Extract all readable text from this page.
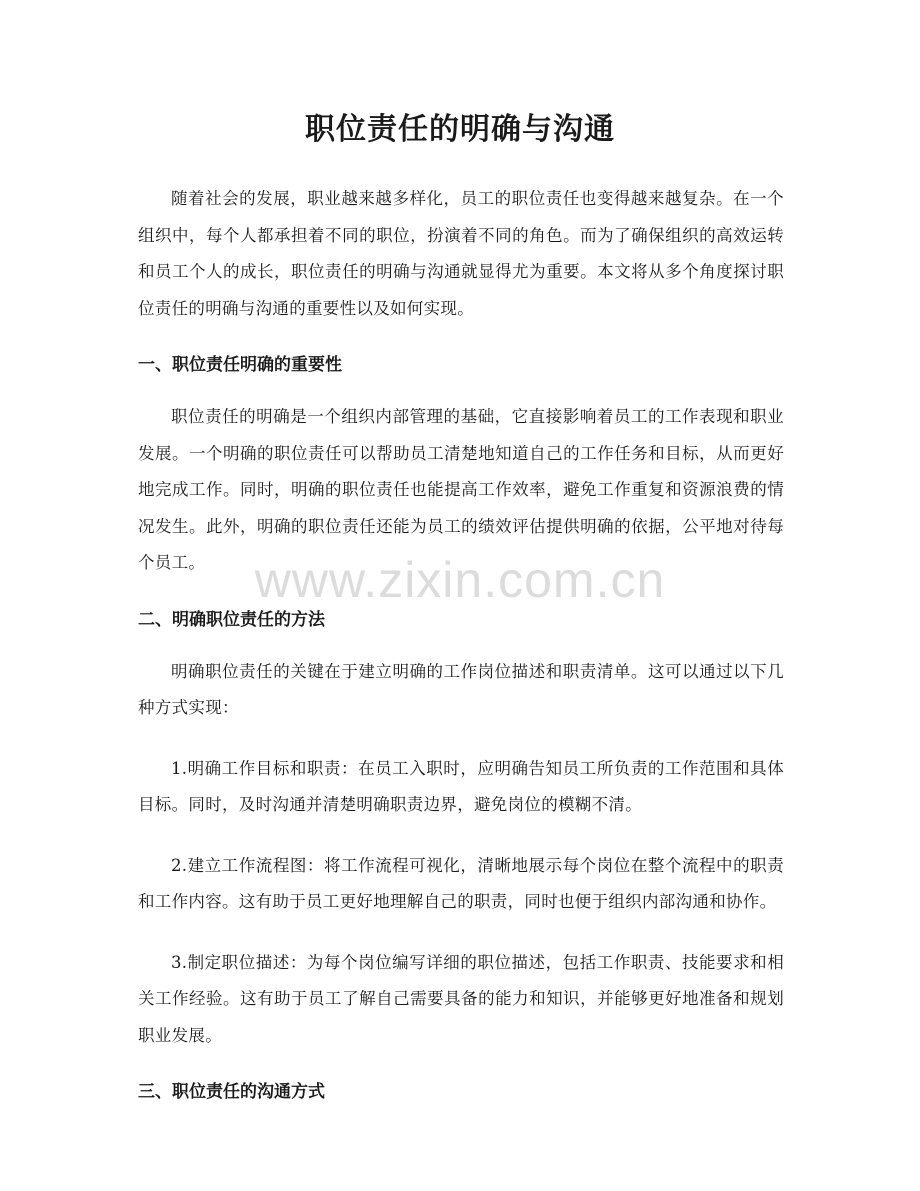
职位责任的明确与沟通

随着社会的发展，职业越来越多样化，员工的职位责任也变得越来越复杂。在一个组织中，每个人都承担着不同的职位，扮演着不同的角色。而为了确保组织的高效运转和员工个人的成长，职位责任的明确与沟通就显得尤为重要。本文将从多个角度探讨职位责任的明确与沟通的重要性以及如何实现。

一、职位责任明确的重要性

职位责任的明确是一个组织内部管理的基础，它直接影响着员工的工作表现和职业发展。一个明确的职位责任可以帮助员工清楚地知道自己的工作任务和目标，从而更好地完成工作。同时，明确的职位责任也能提高工作效率，避免工作重复和资源浪费的情况发生。此外，明确的职位责任还能为员工的绩效评估提供明确的依据，公平地对待每个员工。

二、明确职位责任的方法

明确职位责任的关键在于建立明确的工作岗位描述和职责清单。这可以通过以下几种方式实现：

1.明确工作目标和职责：在员工入职时，应明确告知员工所负责的工作范围和具体目标。同时，及时沟通并清楚明确职责边界，避免岗位的模糊不清。

2.建立工作流程图：将工作流程可视化，清晰地展示每个岗位在整个流程中的职责和工作内容。这有助于员工更好地理解自己的职责，同时也便于组织内部沟通和协作。

3.制定职位描述：为每个岗位编写详细的职位描述，包括工作职责、技能要求和相关工作经验。这有助于员工了解自己需要具备的能力和知识，并能够更好地准备和规划职业发展。

三、职位责任的沟通方式
www.zixin.com.cn
